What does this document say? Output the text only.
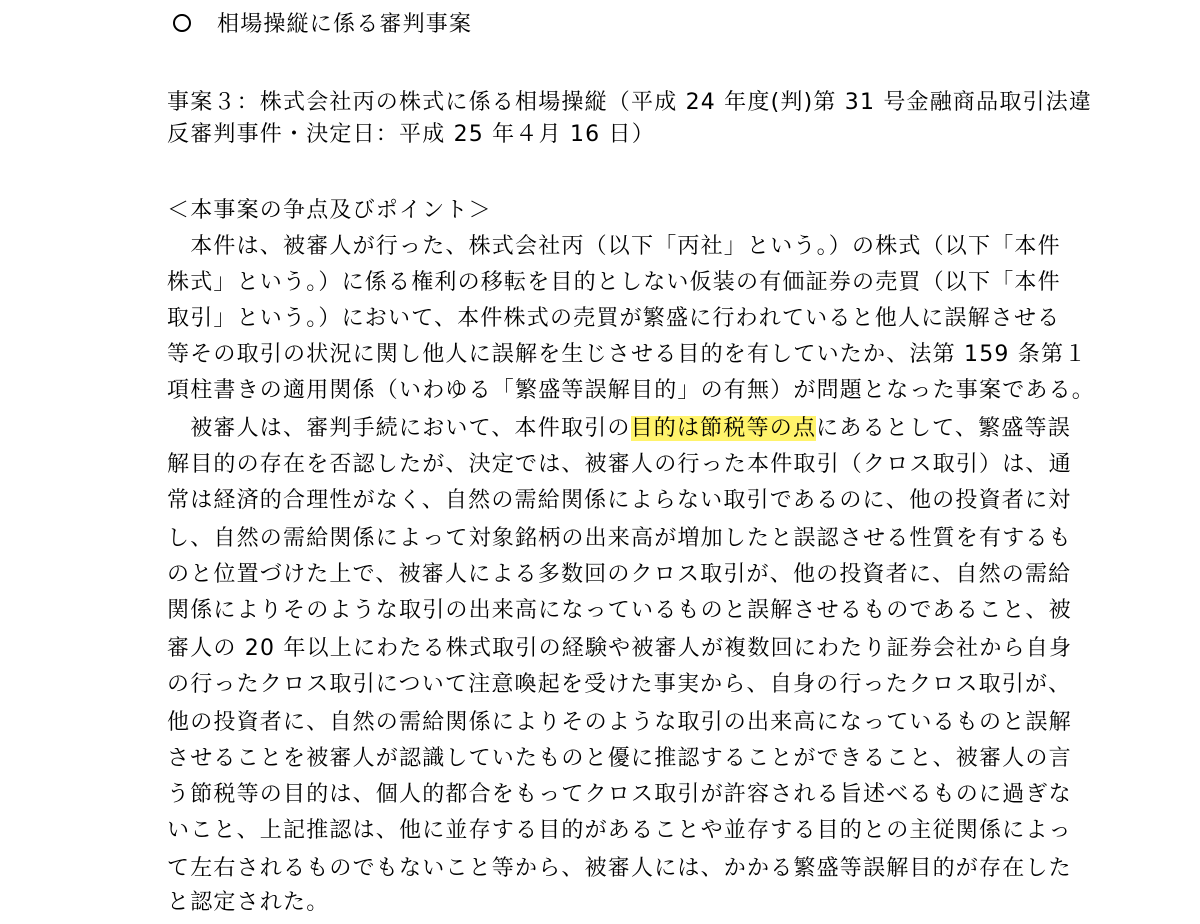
相場操縦に係る審判事案
事案３：株式会社丙の株式に係る相場操縦（平成 24 年度(判)第 31 号金融商品取引法違
反審判事件・決定日：平成 25 年４月 16 日）
＜本事案の争点及びポイント＞
　本件は、被審人が行った、株式会社丙（以下「丙社」という。）の株式（以下「本件
株式」という。）に係る権利の移転を目的としない仮装の有価証券の売買（以下「本件
取引」という。）において、本件株式の売買が繁盛に行われていると他人に誤解させる
等その取引の状況に関し他人に誤解を生じさせる目的を有していたか、法第 159 条第１
項柱書きの適用関係（いわゆる「繁盛等誤解目的」の有無）が問題となった事案である。
　被審人は、審判手続において、本件取引の目的は節税等の点にあるとして、繁盛等誤
解目的の存在を否認したが、決定では、被審人の行った本件取引（クロス取引）は、通
常は経済的合理性がなく、自然の需給関係によらない取引であるのに、他の投資者に対
し、自然の需給関係によって対象銘柄の出来高が増加したと誤認させる性質を有するも
のと位置づけた上で、被審人による多数回のクロス取引が、他の投資者に、自然の需給
関係によりそのような取引の出来高になっているものと誤解させるものであること、被
審人の 20 年以上にわたる株式取引の経験や被審人が複数回にわたり証券会社から自身
の行ったクロス取引について注意喚起を受けた事実から、自身の行ったクロス取引が、
他の投資者に、自然の需給関係によりそのような取引の出来高になっているものと誤解
させることを被審人が認識していたものと優に推認することができること、被審人の言
う節税等の目的は、個人的都合をもってクロス取引が許容される旨述べるものに過ぎな
いこと、上記推認は、他に並存する目的があることや並存する目的との主従関係によっ
て左右されるものでもないこと等から、被審人には、かかる繁盛等誤解目的が存在した
と認定された。
